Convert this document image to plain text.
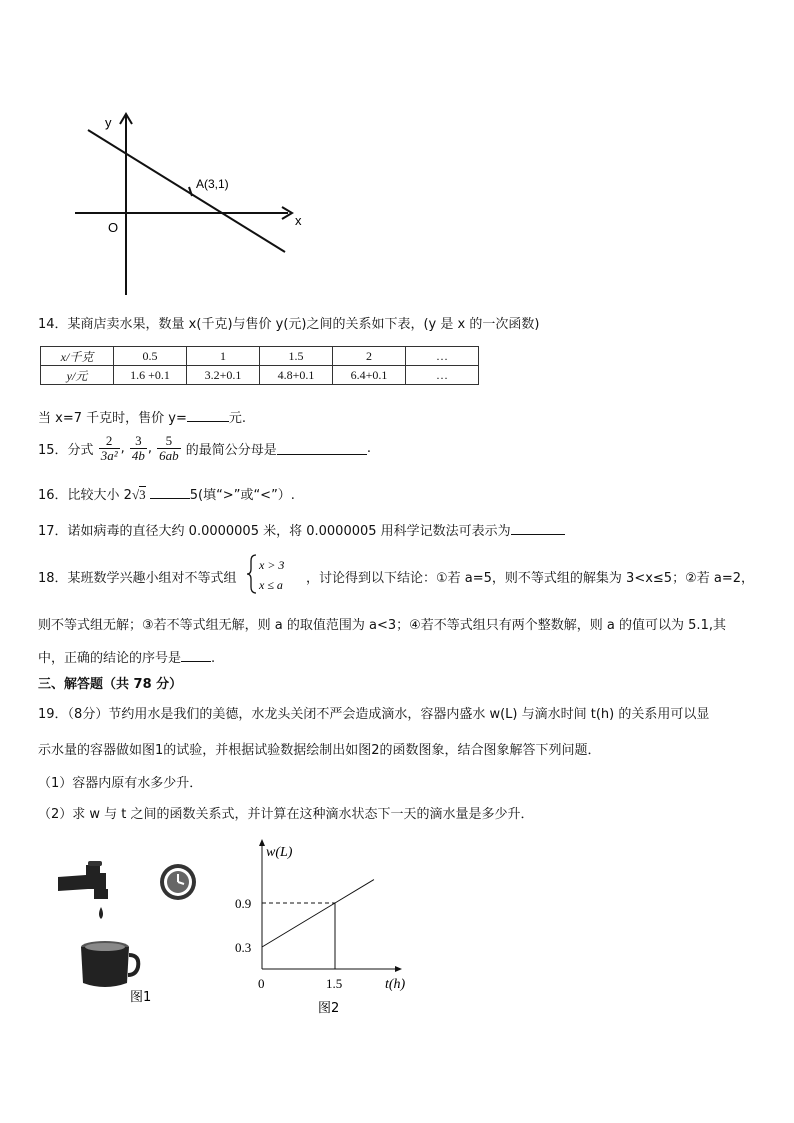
y
x
O
A(3,1)
14．某商店卖水果，数量 x(千克)与售价 y(元)之间的关系如下表，(y 是 x 的一次函数)
x/千克	0.5	1	1.5	2	…
y/元	1.6 +0.1	3.2+0.1	4.8+0.1	6.4+0.1	…
当 x=7 千克时，售价 y=	元.
15．分式 $\frac{2}{\text{3a²}}$ , $\frac{3}{4b}$ , $\frac{5}{6ab}$ 的最简公分母是	.
16．比较大小 2√3	5(填“>”或“<”）.
17．诺如病毒的直径大约 0.0000005 米，将 0.0000005 用科学记数法可表示为
18．某班数学兴趣小组对不等式组
x > 3
x ≤ a ，讨论得到以下结论：①若 a=5，则不等式组的解集为 3<x≤5；②若 a=2，
则不等式组无解；③若不等式组无解，则 a 的取值范围为 a<3；④若不等式组只有两个整数解，则 a 的值可以为 5.1,其
中，正确的结论的序号是 .
三、解答题（共 78 分）
19．（8分）节约用水是我们的美德，水龙头关闭不严会造成滴水，容器内盛水 w(L) 与滴水时间 t(h) 的关系用可以显
示水量的容器做如图1的试验，并根据试验数据绘制出如图2的函数图象，结合图象解答下列问题．
（1）容器内原有水多少升．
（2）求 w 与 t 之间的函数关系式，并计算在这种滴水状态下一天的滴水量是多少升．
图1
0.3
0.9
1.5
w(L)
t(h)
0
图2
